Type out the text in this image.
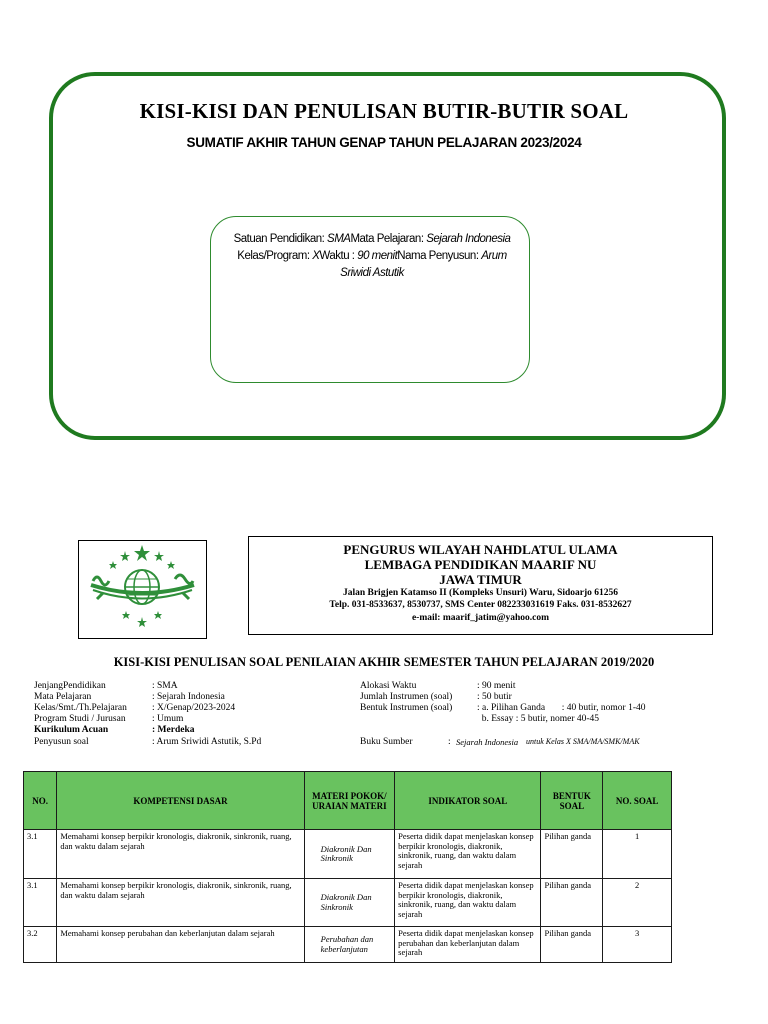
KISI-KISI DAN PENULISAN BUTIR-BUTIR SOAL
SUMATIF AKHIR TAHUN GENAP TAHUN PELAJARAN 2023/2024
Satuan Pendidikan: SMAMata Pelajaran: Sejarah Indonesia
Kelas/Program: XWaktu : 90 menitNama Penyusun: Arum Sriwidi Astutik
PENGURUS WILAYAH NAHDLATUL ULAMA
LEMBAGA PENDIDIKAN MAARIF NU
JAWA TIMUR
Jalan Brigjen Katamso II (Kompleks Unsuri) Waru, Sidoarjo 61256
Telp. 031-8533637, 8530737, SMS Center 082233031619 Faks. 031-8532627
e-mail: maarif_jatim@yahoo.com
KISI-KISI PENULISAN SOAL PENILAIAN AKHIR SEMESTER TAHUN PELAJARAN 2019/2020
JenjangPendidikan	: SMA
Mata Pelajaran	: Sejarah Indonesia
Kelas/Smt./Th.Pelajaran	: X/Genap/2023-2024
Program Studi / Jurusan	: Umum
Kurikulum Acuan	: Merdeka
Penyusun soal	: Arum Sriwidi Astutik, S.Pd
Alokasi Waktu	: 90 menit
Jumlah Instrumen (soal)	: 50 butir
Bentuk Instrumen (soal)	: a. Pilihan Ganda       : 40 butir, nomor 1-40
b. Essay : 5 butir, nomer 40-45
Buku Sumber	: Sejarah Indonesia untuk Kelas X SMA/MA/SMK/MAK
NO.	KOMPETENSI DASAR	MATERI POKOK/ URAIAN MATERI	INDIKATOR SOAL	BENTUK SOAL	NO. SOAL
3.1	Memahami konsep berpikir kronologis, diakronik, sinkronik, ruang, dan waktu dalam sejarah	Diakronik Dan Sinkronik	Peserta didik dapat menjelaskan konsep berpikir kronologis, diakronik, sinkronik, ruang, dan waktu dalam sejarah	Pilihan ganda	1
3.1	Memahami konsep berpikir kronologis, diakronik, sinkronik, ruang, dan waktu dalam sejarah	Diakronik Dan Sinkronik	Peserta didik dapat menjelaskan konsep berpikir kronologis, diakronik, sinkronik, ruang, dan waktu dalam sejarah	Pilihan ganda	2
3.2	Memahami konsep perubahan dan keberlanjutan dalam sejarah	Perubahan dan keberlanjutan	Peserta didik dapat menjelaskan konsep perubahan dan keberlanjutan dalam sejarah	Pilihan ganda	3
